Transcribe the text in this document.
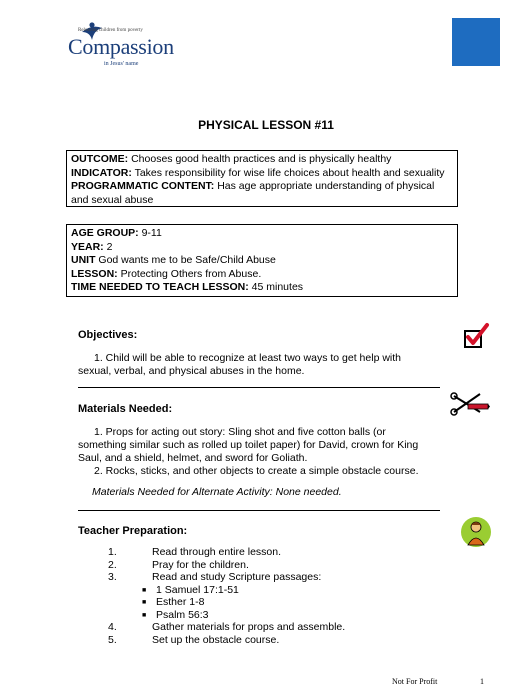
Releasing children from poverty
Compassion
in Jesus' name
PHYSICAL LESSON #11
OUTCOME: Chooses good health practices and is physically healthy
INDICATOR: Takes responsibility for wise life choices about health and sexuality
PROGRAMMATIC CONTENT: Has age appropriate understanding of physical
and sexual abuse
AGE GROUP: 9-11
YEAR: 2
UNIT God wants me to be Safe/Child Abuse
LESSON: Protecting Others from Abuse.
TIME NEEDED TO TEACH LESSON: 45 minutes
Objectives:
1. Child will be able to recognize at least two ways to get help with
sexual, verbal, and physical abuses in the home.
Materials Needed:
1. Props for acting out story: Sling shot and five cotton balls (or
something similar such as rolled up toilet paper) for David, crown for King
Saul, and a shield, helmet, and sword for Goliath.
2. Rocks, sticks, and other objects to create a simple obstacle course.
Materials Needed for Alternate Activity: None needed.
Teacher Preparation:
1.	Read through entire lesson.
2.	Pray for the children.
3.	Read and study Scripture passages:
■ 1 Samuel 17:1-51
■ Esther 1-8
■ Psalm 56:3
4.	Gather materials for props and assemble.
5.	Set up the obstacle course.
Not For Profit	1
